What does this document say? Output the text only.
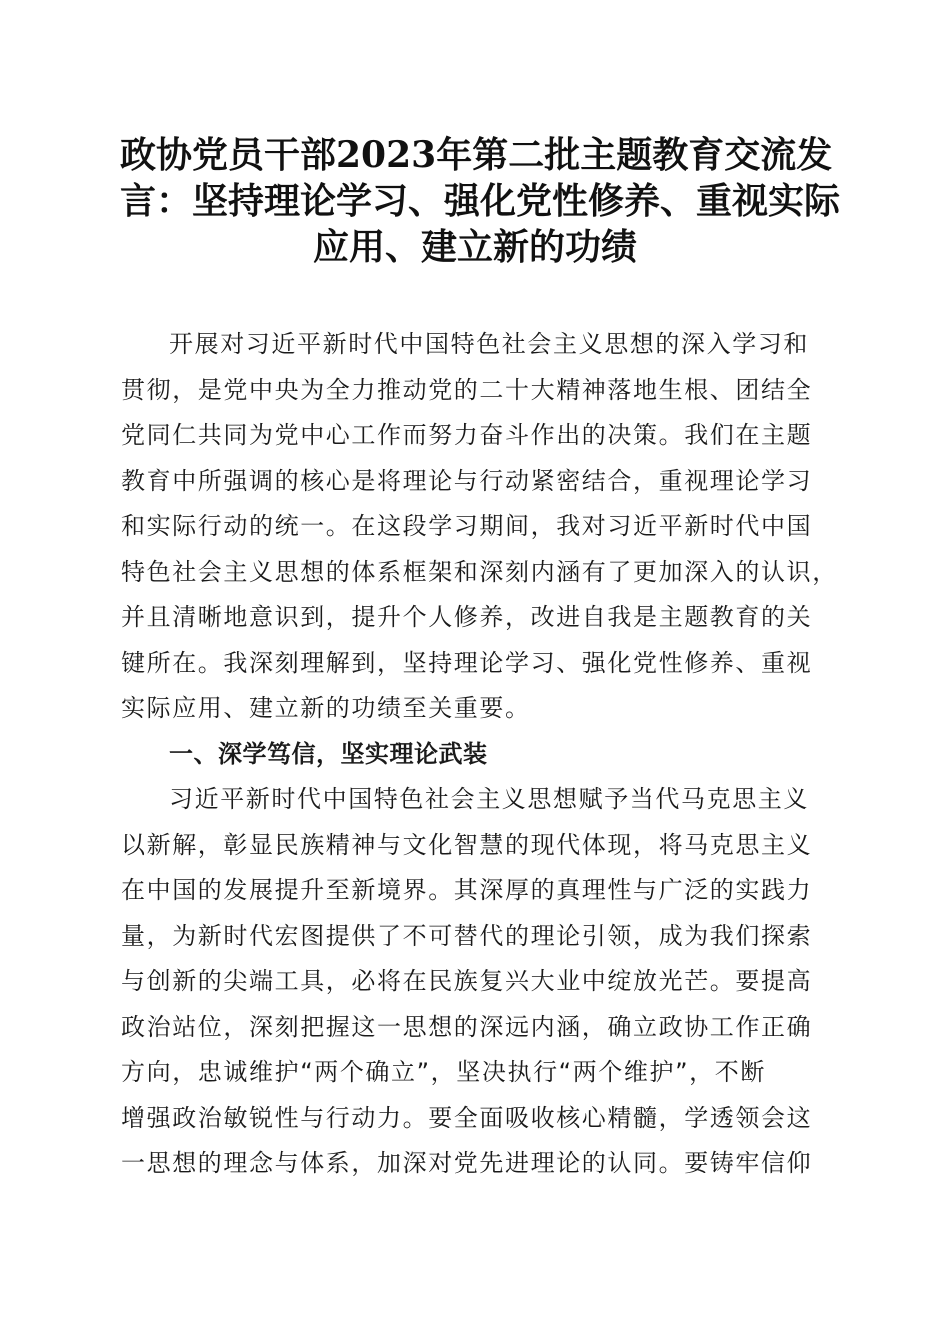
政协党员干部2023年第二批主题教育交流发
言：坚持理论学习、强化党性修养、重视实际
应用、建立新的功绩
开展对习近平新时代中国特色社会主义思想的深入学习和
贯彻，是党中央为全力推动党的二十大精神落地生根、团结全
党同仁共同为党中心工作而努力奋斗作出的决策。我们在主题
教育中所强调的核心是将理论与行动紧密结合，重视理论学习
和实际行动的统一。在这段学习期间，我对习近平新时代中国
特色社会主义思想的体系框架和深刻内涵有了更加深入的认识，
并且清晰地意识到，提升个人修养，改进自我是主题教育的关
键所在。我深刻理解到，坚持理论学习、强化党性修养、重视
实际应用、建立新的功绩至关重要。
一、深学笃信，坚实理论武装
习近平新时代中国特色社会主义思想赋予当代马克思主义
以新解，彰显民族精神与文化智慧的现代体现，将马克思主义
在中国的发展提升至新境界。其深厚的真理性与广泛的实践力
量，为新时代宏图提供了不可替代的理论引领，成为我们探索
与创新的尖端工具，必将在民族复兴大业中绽放光芒。要提高
政治站位，深刻把握这一思想的深远内涵，确立政协工作正确
方向，忠诚维护“两个确立”，坚决执行“两个维护”，不断
增强政治敏锐性与行动力。要全面吸收核心精髓，学透领会这
一思想的理念与体系，加深对党先进理论的认同。要铸牢信仰
